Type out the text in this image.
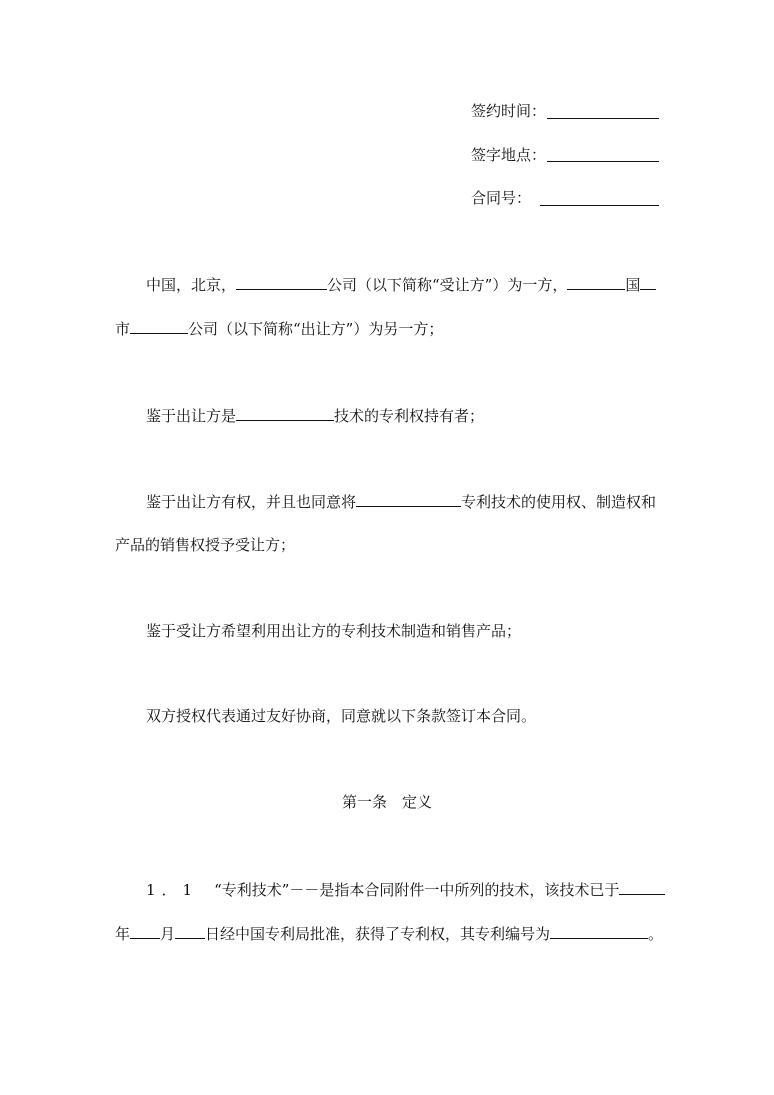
签约时间：
签字地点：
合同号：
中国，北京，	公司（以下简称“受让方”）为一方，	国
市	公司（以下简称“出让方”）为另一方；
鉴于出让方是	技术的专利权持有者；
鉴于出让方有权，并且也同意将	专利技术的使用权、制造权和
产品的销售权授予受让方；
鉴于受让方希望利用出让方的专利技术制造和销售产品；
双方授权代表通过友好协商，同意就以下条款签订本合同。
第一条　定义
1．1 “专利技术”－－是指本合同附件一中所列的技术，该技术已于
年 月 日经中国专利局批准，获得了专利权，其专利编号为	。
